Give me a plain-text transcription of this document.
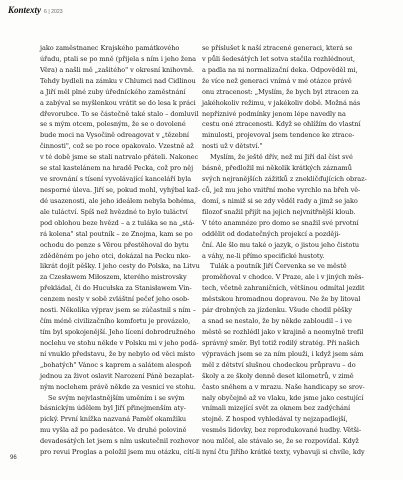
Kontexty 6 | 2023
jako zaměstnanec Krajského památkového
úřadu, ptali se po mně (přijela s ním i jeho žena
Věra) a našli mě „zašitého" v okresní knihovně.
Tehdy bydleli na zámku v Chlumci nad Cidlinou
a Jiří měl plné zuby úředníckého zaměstnání
a zabýval se myšlenkou vrátit se do lesa k práci
dřevorubce. To se částečně také stalo – domluvil
se s mým otcem, polesným, že se o dovolené
bude moci na Vysočině odreagovat v „tězební
činnosti", což se po roce opakovalo. Vzestně až
v té době jsme se stali natrvalo přáteli. Nakonec
se stal kastelánem na hradě Pecka, což pro něj
ve srovnání s tísení vyvolávající kanceláří byla
nesporné úleva. Jiří se, pokud mohl, vyhýbal kaž-
dé usazenosti, ale jeho ideálem nebyla bohéma,
ale tuláctví. Spíš než hvězdné to bylo tuláctví
pod oblohou beze hvězd – a z tuláka se na „stá-
rá kolena" stal poutník – ze Znojma, kam se po
ochodu do penze s Věrou přestěhoval do bytu
zděděném po jeho otci, dokázal na Pecku nko-
likrát dojít pěšky. I jeho cesty do Polska, na Litvu
za Czesławem Miłoszem, kterého mistrovsky
překládal, či do Hucułska za Stanisławem Vin-
cenzem nesly v sobě zvláštní pečeť jeho osob-
nosti. Několika výprav jsem se zúčastnil s ním –
čím méně civilizačního komfortu je provázelo,
tím byl spokojenější. Jeho lícení dobrodružného
noclehu ve stohu někde v Polsku mi v jeho podá-
ní vnuklo představu, že by nebylo od věci místo
„bohatých" Vánoc s kaprem a salátem alespoň
jednou za život oslavit Narození Páně bezaplat-
ným noclehem právě někde za vesnicí ve stohu.
Se svým nejvlastnějším uměním i se svým
básnickým údělem byl Jiří přinejmenším aty-
pický. První knížka nazvaná Paměť okamžiku
mu vyšla až po padesátce. Ve druhé polovině
devadesátých let jsem s ním uskutečnil rozhovor
pro revui Proglas a položil jsem mu otázku, cítí-li
se příslušet k naší ztracené generaci, která se
v půli šedesátých let sotva stačila rozhlédnout,
a padla na ni normalizační deka. Odpověděl mi,
že více než generaci vnímá v mé otázce právě
onu ztracenost: „Myslím, že bych byl ztracen za
jakéhokoliv režimu, v jakékoliv době. Možná nás
nepříznivé podmínky jenom lépe navedly na
cestu oné ztracenosti. Když se ohlížím do vlastní
minulosti, projevoval jsem tendence ke ztrace-
nosti už v dětství."
Myslím, že ještě dřív, než mi Jiří dal číst své
básně, předložil mi několik krátkých záznamů
svých nejranějších zážitků z znekličďujících obraz-
ců, jež mu jeho vnitřní mohe vyrchlo na břeh vě-
domí, s nimiž si se zdy věděl rady a jimž se jako
filozof snažil přijít na jejich nejvnitřnější kloub.
V této anamnéze pro domo se snažil své prvotní
oddělit od dodatečných projekcí a později-
ční. Ale šlo mu také o jazyk, o jistou jeho čistotu
a váhy, ne-li přímo specifické hustoty.
Tulák a poutník Jiří Červenka se ve městě
proměňoval v chodce. V Praze, ale i v jiných měs-
tech, včetně zahraničních, většinou odmítal jezdit
městskou hromadnou dopravou. Ne že by litoval
pár drobných za jízdenku. Všude chodil pěšky
a snad se nestalo, že by někde zabloudil – i ve
městě se rozhlédl jako v krajině a neomylně trefil
správný směr. Byl totiž rodilý stratég. Při našich
výpravách jsem se za ním plouži, i když jsem sám
měl z dětství slušnou chodeckou průpravu – do
školy a ze školy denně deset kilometrů, v zimě
často sněhem a v mrazu. Naše handicapy se srov-
naly obyčejně až ve vlaku, kde jsme jako cestující
vnímali mizející svět za oknem bez zadýchání
stejně. Z hospod vyhledával ty nejzapadlejší,
vesměs lidovky, bez reprodukované hudby. Větši-
nou mlčel, ale stávalo se, že se rozpovídal. Když
nyní čtu Jiřího krátké texty, vybavuji si chvíle, kdy
96
